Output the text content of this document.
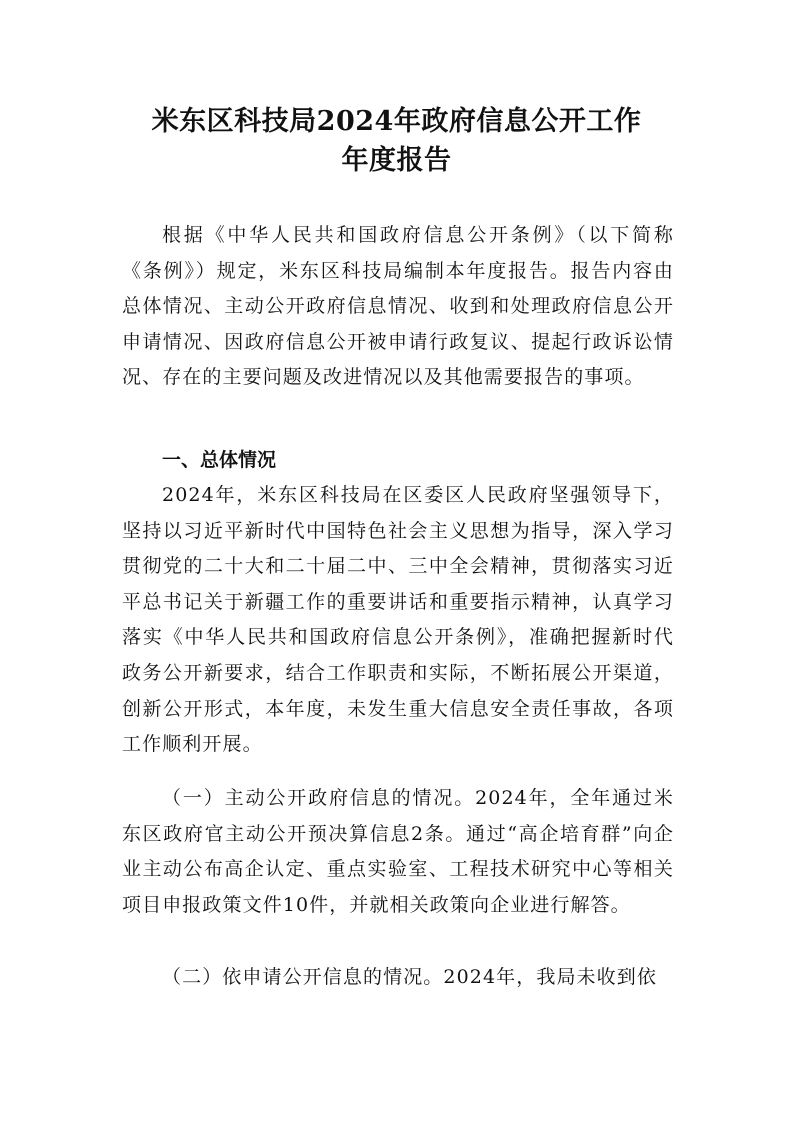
米东区科技局2024年政府信息公开工作
年度报告

根据《中华人民共和国政府信息公开条例》（以下简称《条例》）规定，米东区科技局编制本年度报告。报告内容由总体情况、主动公开政府信息情况、收到和处理政府信息公开申请情况、因政府信息公开被申请行政复议、提起行政诉讼情况、存在的主要问题及改进情况以及其他需要报告的事项。

一、总体情况

2024年，米东区科技局在区委区人民政府坚强领导下，坚持以习近平新时代中国特色社会主义思想为指导，深入学习贯彻党的二十大和二十届二中、三中全会精神，贯彻落实习近平总书记关于新疆工作的重要讲话和重要指示精神，认真学习落实《中华人民共和国政府信息公开条例》，准确把握新时代政务公开新要求，结合工作职责和实际，不断拓展公开渠道，创新公开形式，本年度，未发生重大信息安全责任事故，各项工作顺利开展。

（一）主动公开政府信息的情况。2024年，全年通过米东区政府官主动公开预决算信息2条。通过“高企培育群”向企业主动公布高企认定、重点实验室、工程技术研究中心等相关项目申报政策文件10件，并就相关政策向企业进行解答。

（二）依申请公开信息的情况。2024年，我局未收到依
